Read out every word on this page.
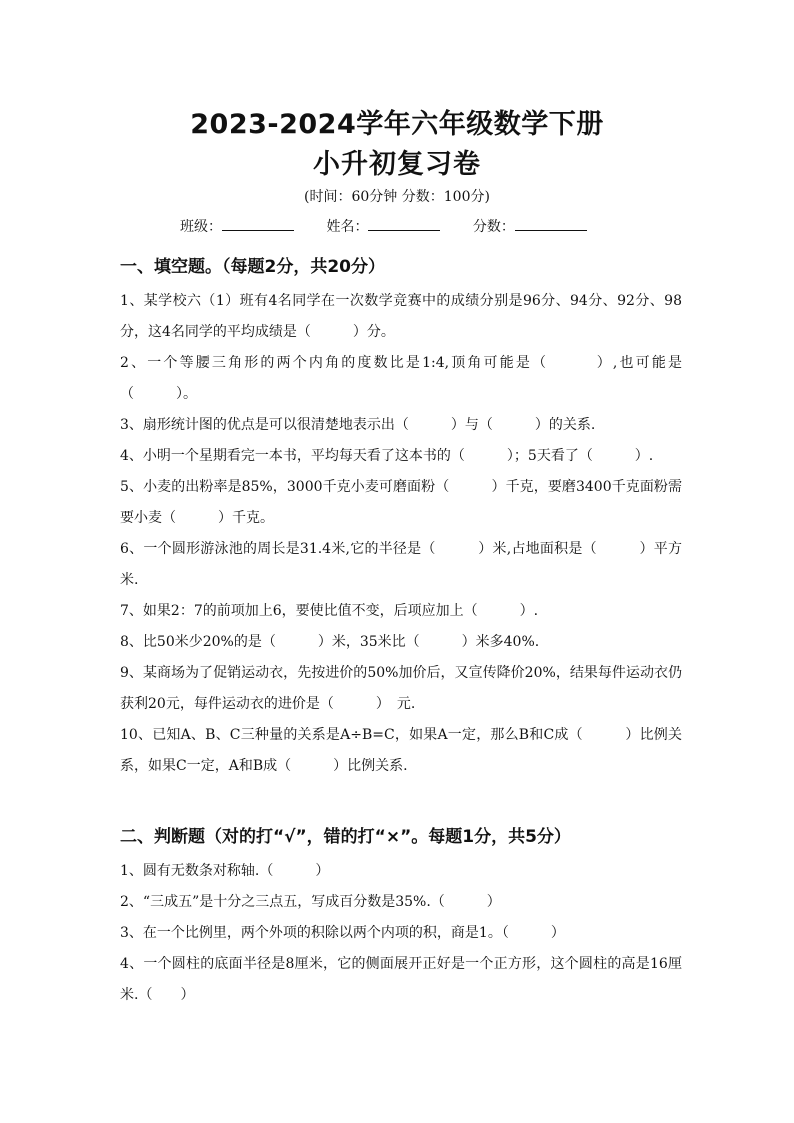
2023-2024学年六年级数学下册
小升初复习卷
(时间：60分钟 分数：100分)
班级：	姓名：	分数：
一、填空题。（每题2分，共20分）

1、某学校六（1）班有4名同学在一次数学竞赛中的成绩分别是96分、94分、92分、98分，这4名同学的平均成绩是（　　　）分。

2、一个等腰三角形的两个内角的度数比是1:4,顶角可能是（　　　）,也可能是（　　　）。

3、扇形统计图的优点是可以很清楚地表示出（　　　）与（　　　）的关系.

4、小明一个星期看完一本书，平均每天看了这本书的（　　　）；5天看了（　　　）.

5、小麦的出粉率是85%，3000千克小麦可磨面粉（　　　）千克，要磨3400千克面粉需要小麦（　　　）千克。

6、一个圆形游泳池的周长是31.4米,它的半径是（　　　）米,占地面积是（　　　）平方米.

7、如果2：7的前项加上6，要使比值不变，后项应加上（　　　）.

8、比50米少20%的是（　　　）米，35米比（　　　）米多40%.

9、某商场为了促销运动衣，先按进价的50%加价后，又宣传降价20%，结果每件运动衣仍获利20元，每件运动衣的进价是（　　　）　元.

10、已知A、B、C三种量的关系是A÷B=C，如果A一定，那么B和C成（　　　）比例关系，如果C一定，A和B成（　　　）比例关系.

二、判断题（对的打“√”，错的打“×”。每题1分，共5分）

1、圆有无数条对称轴.（　　　）

2、“三成五”是十分之三点五，写成百分数是35%.（　　　）

3、在一个比例里，两个外项的积除以两个内项的积，商是1。（　　　）

4、一个圆柱的底面半径是8厘米，它的侧面展开正好是一个正方形，这个圆柱的高是16厘米.（　　）
